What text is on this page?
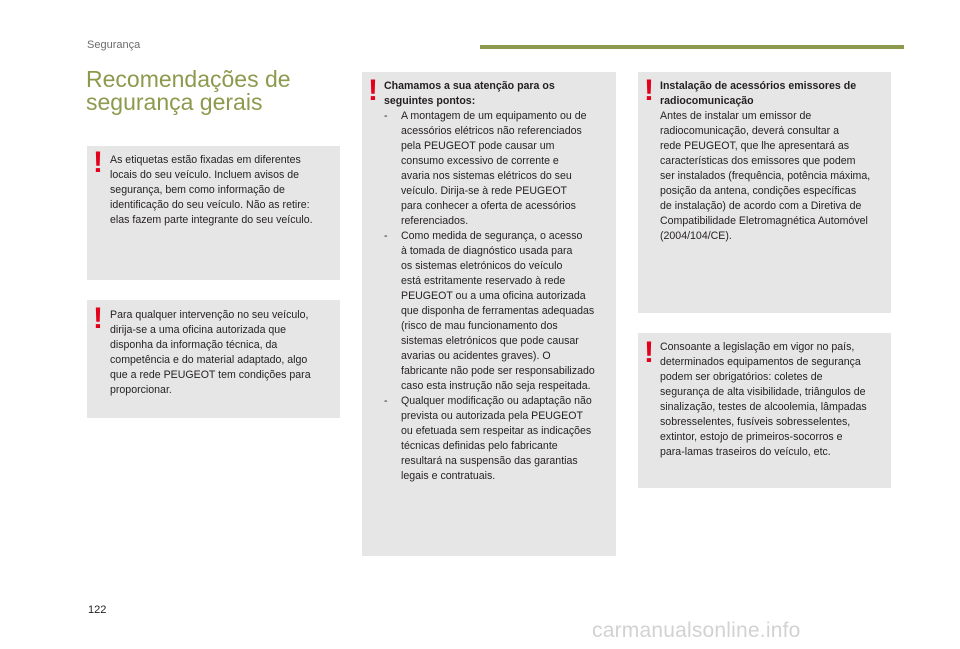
Segurança
Recomendações de
segurança gerais
! As etiquetas estão fixadas em diferentes
locais do seu veículo. Incluem avisos de
segurança, bem como informação de
identificação do seu veículo. Não as retire:
elas fazem parte integrante do seu veículo.
! Para qualquer intervenção no seu veículo,
dirija-se a uma oficina autorizada que
disponha da informação técnica, da
competência e do material adaptado, algo
que a rede PEUGEOT tem condições para
proporcionar.
! Chamamos a sua atenção para os
seguintes pontos:
- A montagem de um equipamento ou de
acessórios elétricos não referenciados
pela PEUGEOT pode causar um
consumo excessivo de corrente e
avaria nos sistemas elétricos do seu
veículo. Dirija-se à rede PEUGEOT
para conhecer a oferta de acessórios
referenciados.
- Como medida de segurança, o acesso
à tomada de diagnóstico usada para
os sistemas eletrónicos do veículo
está estritamente reservado à rede
PEUGEOT ou a uma oficina autorizada
que disponha de ferramentas adequadas
(risco de mau funcionamento dos
sistemas eletrónicos que pode causar
avarias ou acidentes graves). O
fabricante não pode ser responsabilizado
caso esta instrução não seja respeitada.
- Qualquer modificação ou adaptação não
prevista ou autorizada pela PEUGEOT
ou efetuada sem respeitar as indicações
técnicas definidas pelo fabricante
resultará na suspensão das garantias
legais e contratuais.
! Instalação de acessórios emissores de
radiocomunicação
Antes de instalar um emissor de
radiocomunicação, deverá consultar a
rede PEUGEOT, que lhe apresentará as
características dos emissores que podem
ser instalados (frequência, potência máxima,
posição da antena, condições específicas
de instalação) de acordo com a Diretiva de
Compatibilidade Eletromagnética Automóvel
(2004/104/CE).
! Consoante a legislação em vigor no país,
determinados equipamentos de segurança
podem ser obrigatórios: coletes de
segurança de alta visibilidade, triângulos de
sinalização, testes de alcoolemia, lâmpadas
sobresselentes, fusíveis sobresselentes,
extintor, estojo de primeiros-socorros e
para-lamas traseiros do veículo, etc.
122
carmanualsonline.info
